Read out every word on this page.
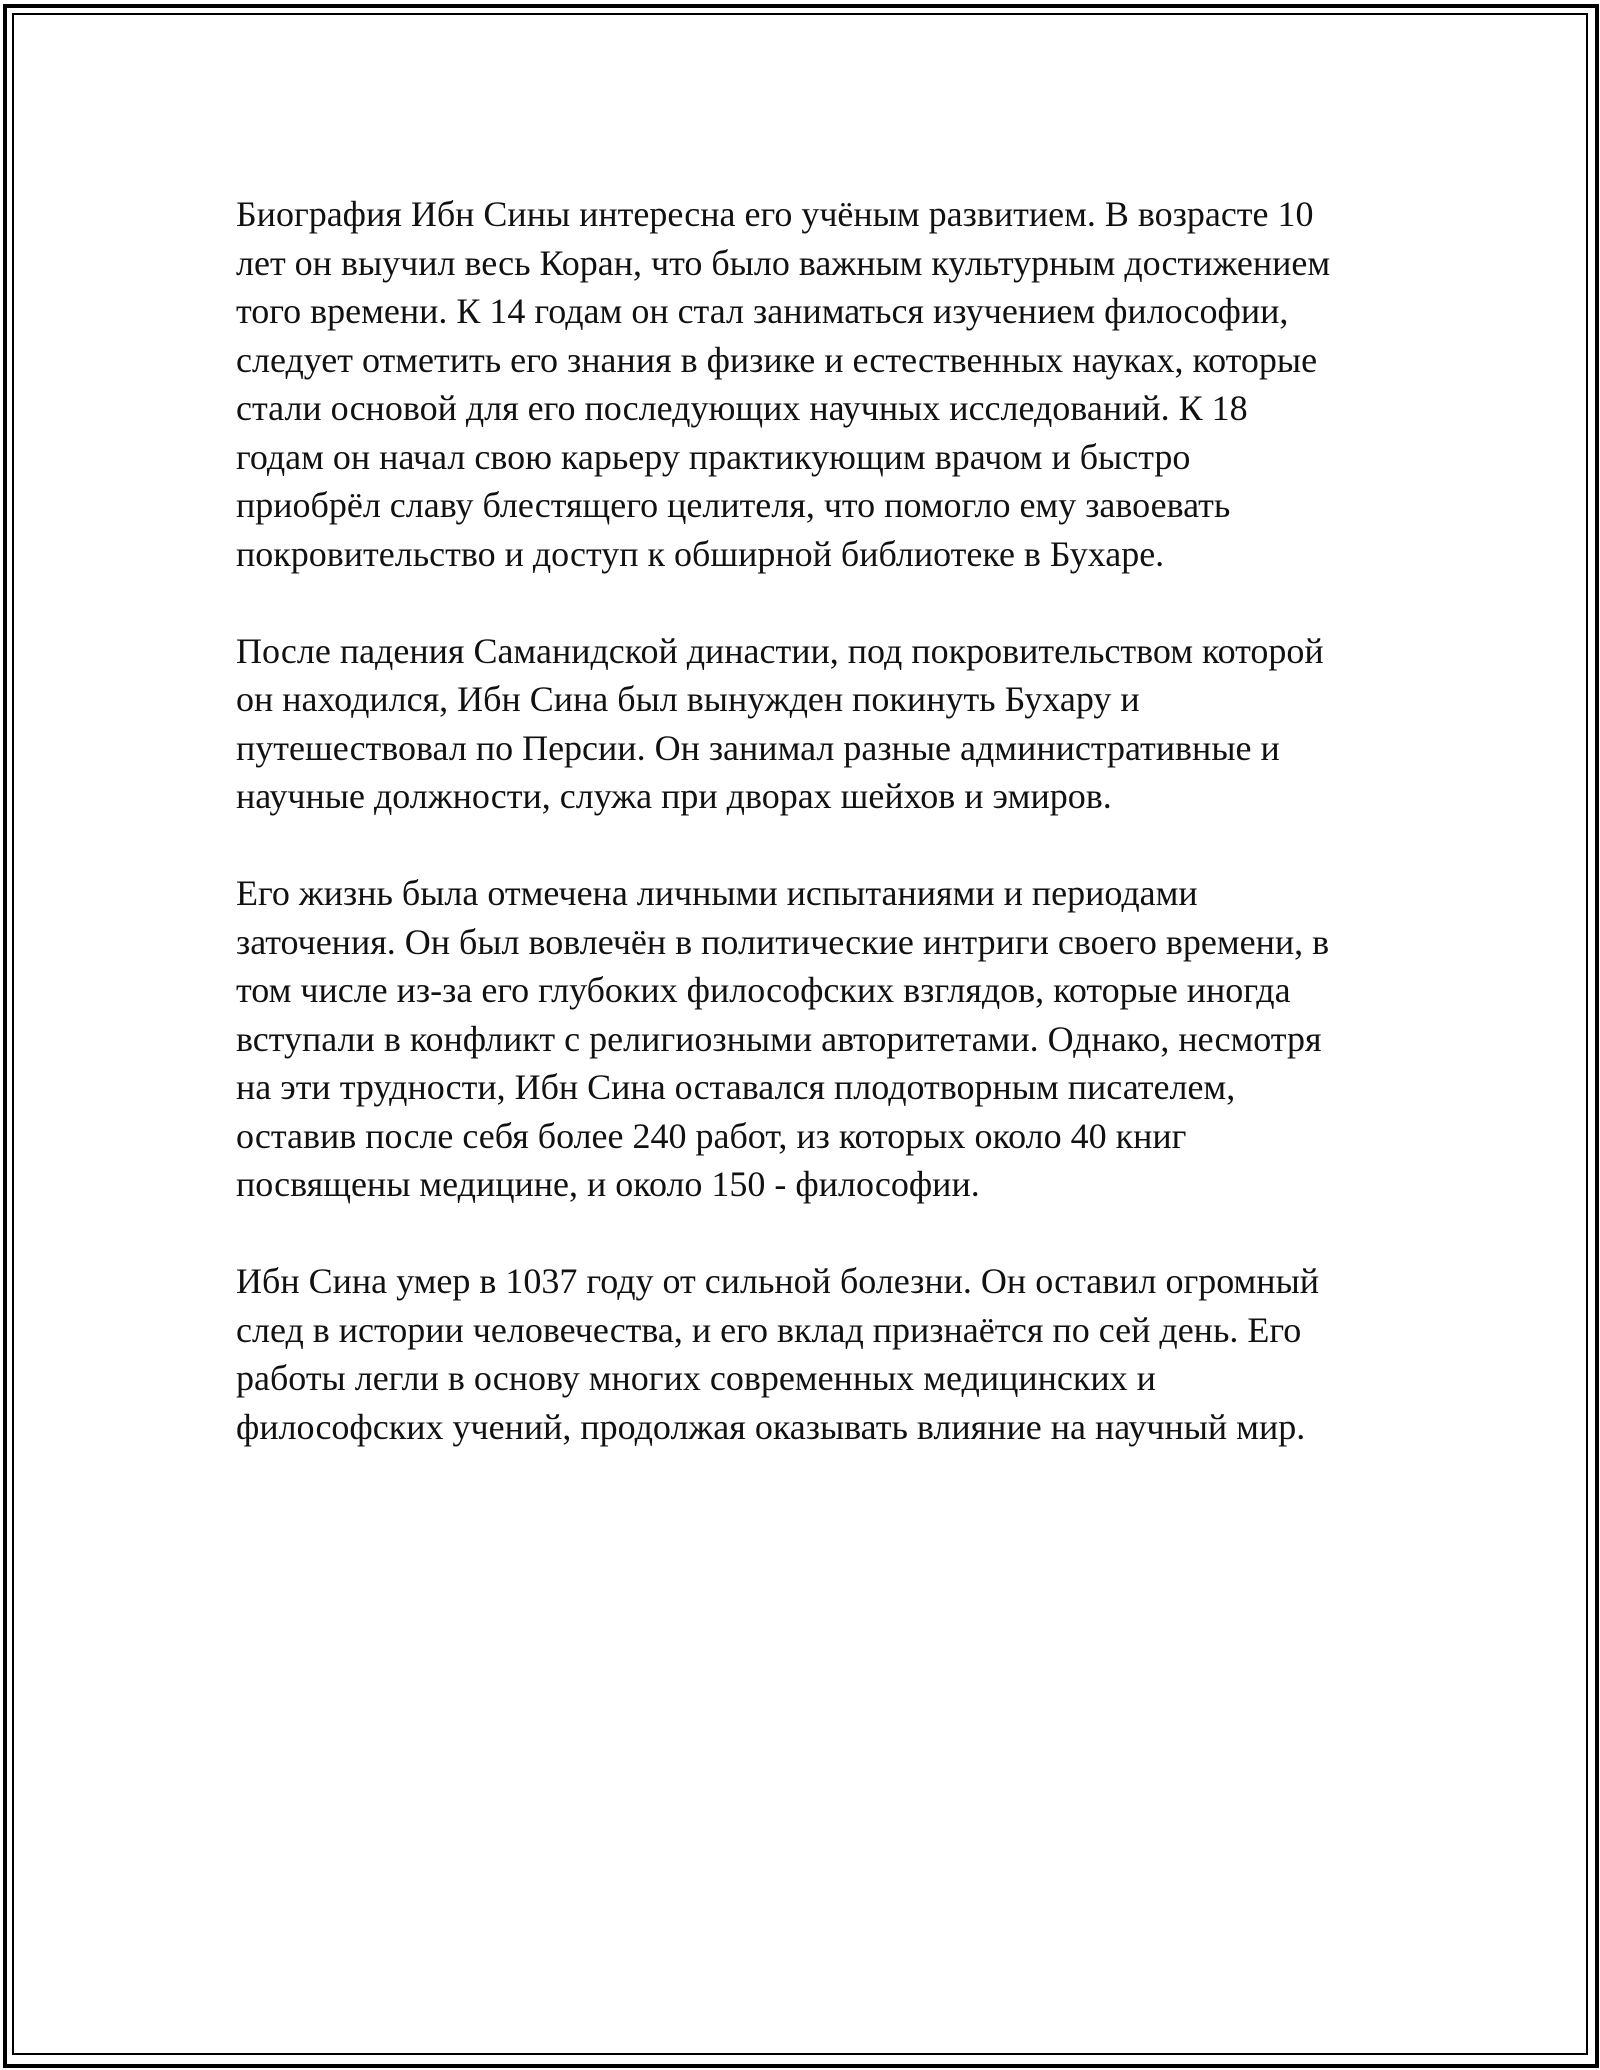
Биография Ибн Сины интересна его учёным развитием. В возрасте 10
лет он выучил весь Коран, что было важным культурным достижением
того времени. К 14 годам он стал заниматься изучением философии,
следует отметить его знания в физике и естественных науках, которые
стали основой для его последующих научных исследований. К 18
годам он начал свою карьеру практикующим врачом и быстро
приобрёл славу блестящего целителя, что помогло ему завоевать
покровительство и доступ к обширной библиотеке в Бухаре.

После падения Саманидской династии, под покровительством которой
он находился, Ибн Сина был вынужден покинуть Бухару и
путешествовал по Персии. Он занимал разные административные и
научные должности, служа при дворах шейхов и эмиров.

Его жизнь была отмечена личными испытаниями и периодами
заточения. Он был вовлечён в политические интриги своего времени, в
том числе из-за его глубоких философских взглядов, которые иногда
вступали в конфликт с религиозными авторитетами. Однако, несмотря
на эти трудности, Ибн Сина оставался плодотворным писателем,
оставив после себя более 240 работ, из которых около 40 книг
посвящены медицине, и около 150 - философии.

Ибн Сина умер в 1037 году от сильной болезни. Он оставил огромный
след в истории человечества, и его вклад признаётся по сей день. Его
работы легли в основу многих современных медицинских и
философских учений, продолжая оказывать влияние на научный мир.
